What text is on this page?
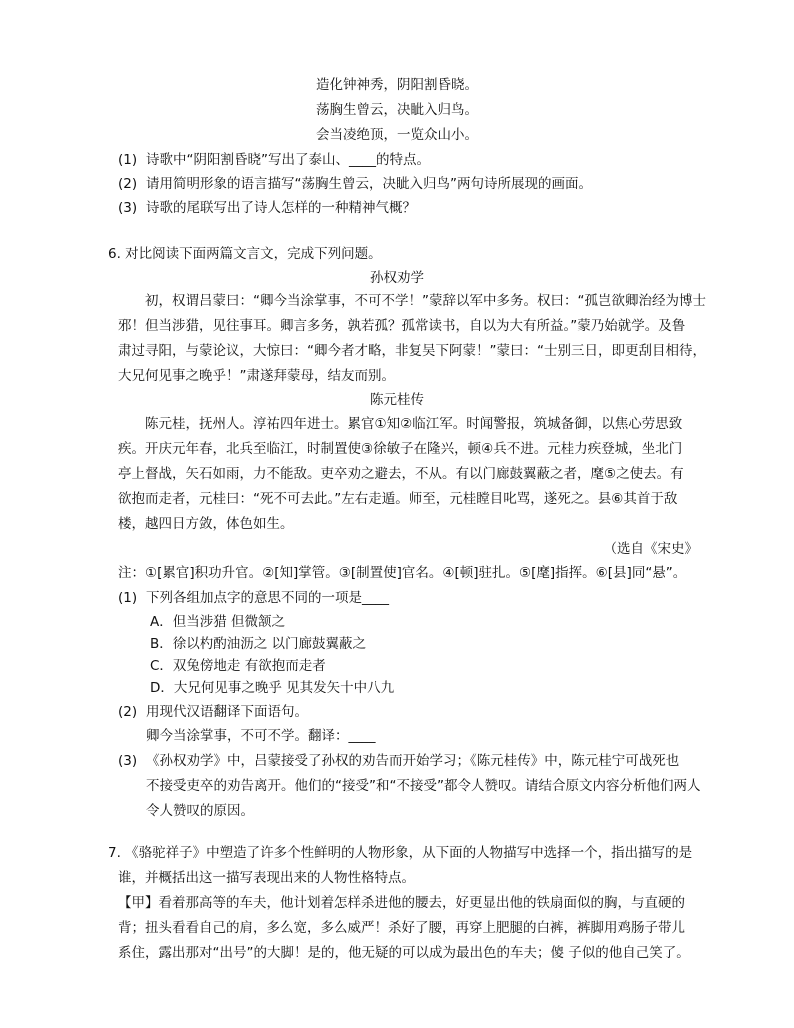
造化钟神秀，阴阳割昏晓。
荡胸生曾云，决眦入归鸟。
会当凌绝顶，一览众山小。
(1) 诗歌中“阴阳割昏晓”写出了泰山、____的特点。
(2) 请用简明形象的语言描写“荡胸生曾云，决眦入归鸟”两句诗所展现的画面。
(3) 诗歌的尾联写出了诗人怎样的一种精神气概？
6. 对比阅读下面两篇文言文，完成下列问题。
孙权劝学
初，权谓吕蒙曰：“卿今当涂掌事，不可不学！”蒙辞以军中多务。权曰：“孤岂欲卿治经为博士
邪！但当涉猎，见往事耳。卿言多务，孰若孤？孤常读书，自以为大有所益。”蒙乃始就学。及鲁
肃过寻阳，与蒙论议，大惊曰：“卿今者才略，非复吴下阿蒙！”蒙曰：“士别三日，即更刮目相待，
大兄何见事之晚乎！”肃遂拜蒙母，结友而别。
陈元桂传
陈元桂，抚州人。淳祐四年进士。累官①知②临江军。时闻警报，筑城备御，以焦心劳思致
疾。开庆元年春，北兵至临江，时制置使③徐敏子在隆兴，顿④兵不进。元桂力疾登城，坐北门
亭上督战，矢石如雨，力不能敌。吏卒劝之避去，不从。有以门廊鼓翼蔽之者，麾⑤之使去。有
欲抱而走者，元桂曰：“死不可去此。”左右走遁。师至，元桂瞠目叱骂，遂死之。县⑥其首于敌
楼，越四日方敛，体色如生。
（选自《宋史》
注：①[累官]积功升官。②[知]掌管。③[制置使]官名。④[顿]驻扎。⑤[麾]指挥。⑥[县]同“悬”。
(1) 下列各组加点字的意思不同的一项是____
A．但当涉猎 但微颔之
B．徐以杓酌油沥之 以门廊鼓翼蔽之
C．双兔傍地走 有欲抱而走者
D．大兄何见事之晚乎 见其发矢十中八九
(2) 用现代汉语翻译下面语句。
卿今当涂掌事，不可不学。翻译：____
(3) 《孙权劝学》中，吕蒙接受了孙权的劝告而开始学习；《陈元桂传》中，陈元桂宁可战死也
不接受吏卒的劝告离开。他们的“接受”和“不接受”都令人赞叹。请结合原文内容分析他们两人
令人赞叹的原因。
7. 《骆驼祥子》中塑造了许多个性鲜明的人物形象，从下面的人物描写中选择一个，指出描写的是
谁，并概括出这一描写表现出来的人物性格特点。
【甲】看着那高等的车夫，他计划着怎样杀进他的腰去，好更显出他的铁扇面似的胸，与直硬的
背；扭头看看自己的肩，多么宽，多么威严！杀好了腰，再穿上肥腿的白裤，裤脚用鸡肠子带儿
系住，露出那对“出号”的大脚！是的，他无疑的可以成为最出色的车夫；傻 子似的他自己笑了。
